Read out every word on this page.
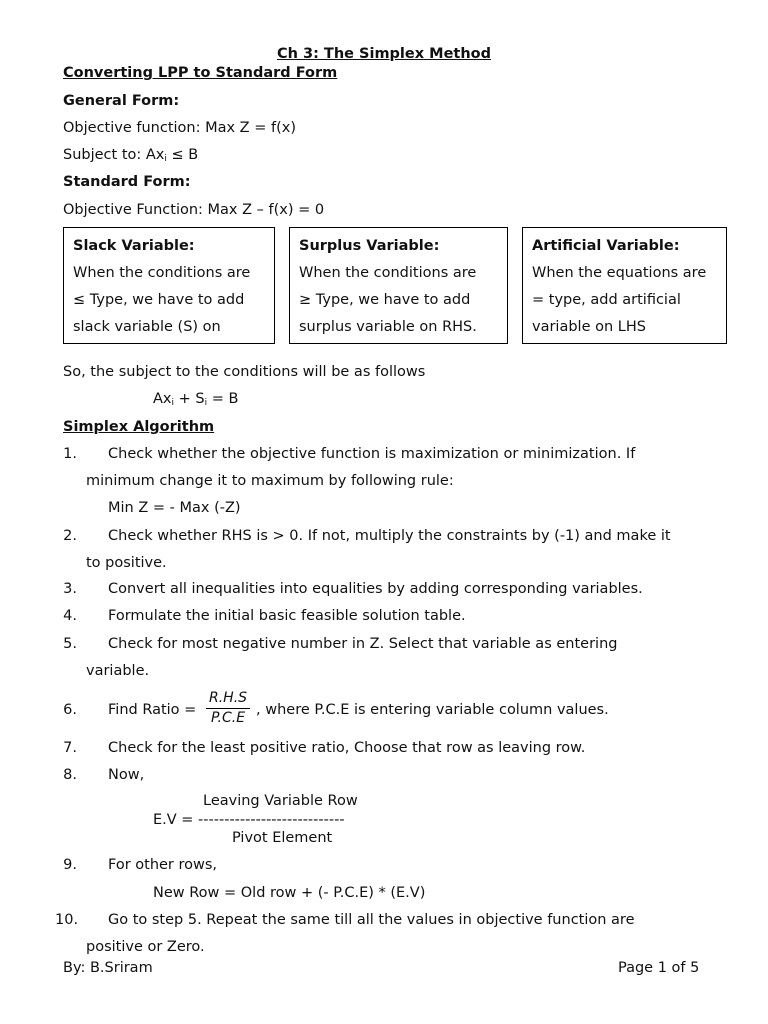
Ch 3: The Simplex Method
Converting LPP to Standard Form
General Form:
Objective function: Max Z = f(x)
Subject to: $Ax_i \le B$
Standard Form:
Objective Function: Max Z – f(x) = 0
Slack Variable:
When the conditions are
≤ Type, we have to add
slack variable (S) on
Surplus Variable:
When the conditions are
≥ Type, we have to add
surplus variable on RHS.
Artificial Variable:
When the equations are
= type, add artificial
variable on LHS
So, the subject to the conditions will be as follows
$Ax_i + S_i = B$
Simplex Algorithm
1. Check whether the objective function is maximization or minimization. If
minimum change it to maximum by following rule:
Min Z = - Max (-Z)
2. Check whether RHS is > 0. If not, multiply the constraints by (-1) and make it
to positive.
3. Convert all inequalities into equalities by adding corresponding variables.
4. Formulate the initial basic feasible solution table.
5. Check for most negative number in Z. Select that variable as entering
variable.
6. Find Ratio = $\frac{R.H.S}{P.C.E}$ , where P.C.E is entering variable column values.
7. Check for the least positive ratio, Choose that row as leaving row.
8. Now,
Leaving Variable Row
E.V = ----------------------------
Pivot Element
9. For other rows,
New Row = Old row + (- P.C.E) * (E.V)
10. Go to step 5. Repeat the same till all the values in objective function are
positive or Zero.
By: B.Sriram	Page 1 of 5
